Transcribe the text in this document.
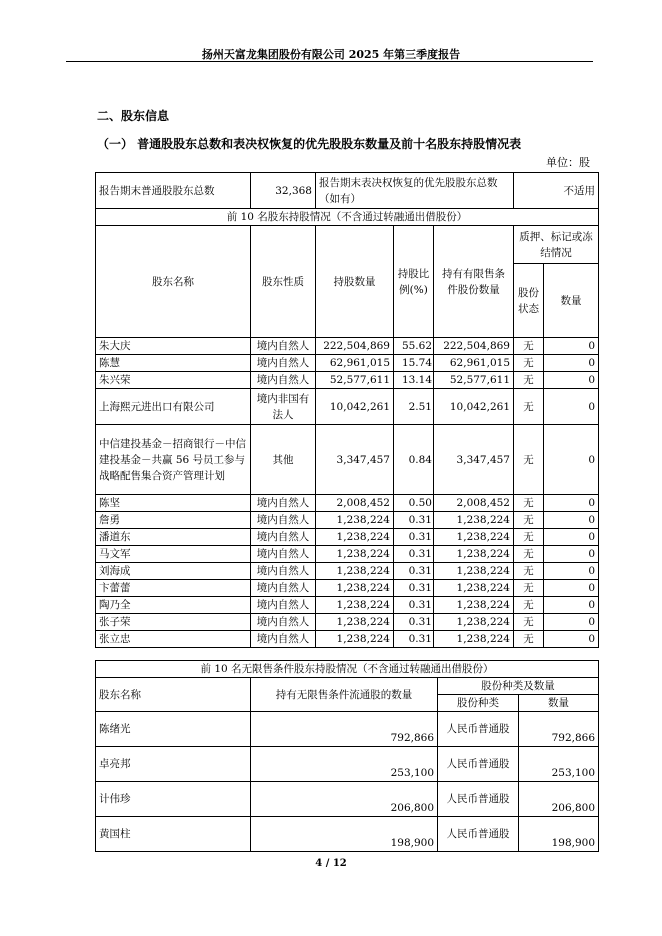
扬州天富龙集团股份有限公司 2025 年第三季度报告
二、股东信息
（一） 普通股股东总数和表决权恢复的优先股股东数量及前十名股东持股情况表
单位：股
报告期末普通股股东总数	32,368	报告期末表决权恢复的优先股股东总数（如有）	不适用
前 10 名股东持股情况（不含通过转融通出借股份）						
股东名称	股东性质	持股数量	持股比例(%)	持有有限售条件股份数量	质押、标记或冻结情况	
					股份状态	数量
朱大庆	境内自然人	222,504,869	55.62	222,504,869	无	0
陈慧	境内自然人	62,961,015	15.74	62,961,015	无	0
朱兴荣	境内自然人	52,577,611	13.14	52,577,611	无	0
上海熙元进出口有限公司	境内非国有法人	10,042,261	2.51	10,042,261	无	0
中信建投基金－招商银行－中信建投基金－共赢 56 号员工参与战略配售集合资产管理计划	其他	3,347,457	0.84	3,347,457	无	0
陈坚	境内自然人	2,008,452	0.50	2,008,452	无	0
詹勇	境内自然人	1,238,224	0.31	1,238,224	无	0
潘道东	境内自然人	1,238,224	0.31	1,238,224	无	0
马文军	境内自然人	1,238,224	0.31	1,238,224	无	0
刘海成	境内自然人	1,238,224	0.31	1,238,224	无	0
卞蕾蕾	境内自然人	1,238,224	0.31	1,238,224	无	0
陶乃全	境内自然人	1,238,224	0.31	1,238,224	无	0
张子荣	境内自然人	1,238,224	0.31	1,238,224	无	0
张立忠	境内自然人	1,238,224	0.31	1,238,224	无	0
前 10 名无限售条件股东持股情况（不含通过转融通出借股份）			
股东名称	持有无限售条件流通股的数量	股份种类及数量	
		股份种类	数量
陈绪光	792,866	人民币普通股	792,866
卓亮邦	253,100	人民币普通股	253,100
计伟珍	206,800	人民币普通股	206,800
黄国柱	198,900	人民币普通股	198,900
4 / 12
